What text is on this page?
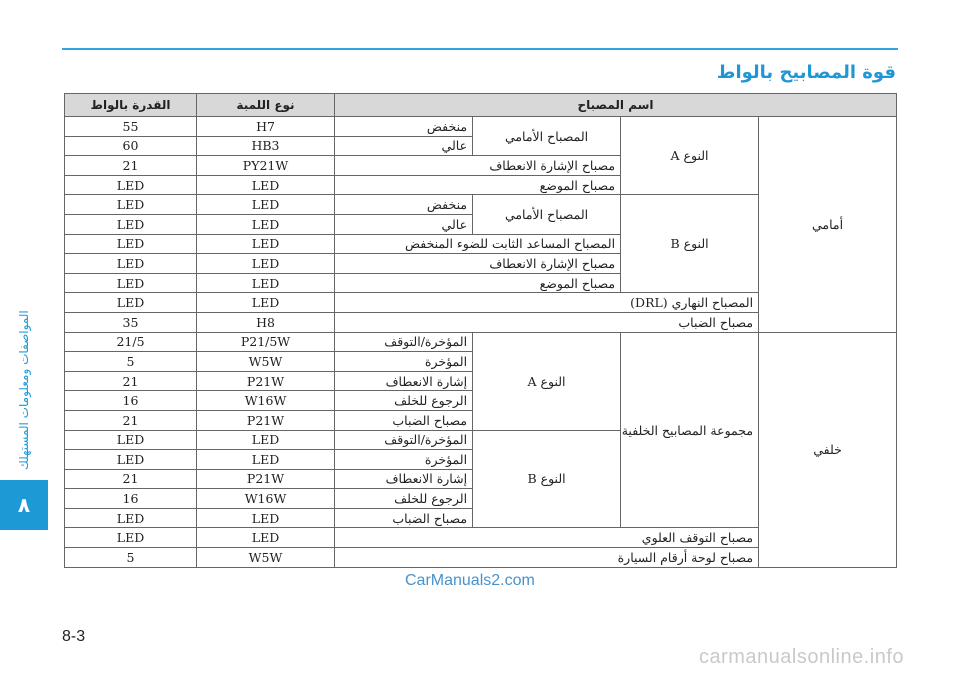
قوة المصابيح بالواط
المواصفات ومعلومات المستهلك
٨
اسم المصباح				نوع اللمبة	القدرة بالواط
أمامي	النوع A	المصباح الأمامي	منخفض	H7	55
			عالي	HB3	60
		مصباح الإشارة الانعطاف		PY21W	21
		مصباح الموضع		LED	LED
	النوع B	المصباح الأمامي	منخفض	LED	LED
			عالي	LED	LED
		المصباح المساعد الثابت للضوء المنخفض		LED	LED
		مصباح الإشارة الانعطاف		LED	LED
		مصباح الموضع		LED	LED
	المصباح النهاري (DRL)			LED	LED
	مصباح الضباب			H8	35
خلفي	مجموعة المصابيح الخلفية	النوع A	المؤخرة/التوقف	P21/5W	21/5
			المؤخرة	W5W	5
			إشارة الانعطاف	P21W	21
			الرجوع للخلف	W16W	16
			مصباح الضباب	P21W	21
		النوع B	المؤخرة/التوقف	LED	LED
			المؤخرة	LED	LED
			إشارة الانعطاف	P21W	21
			الرجوع للخلف	W16W	16
			مصباح الضباب	LED	LED
	مصباح التوقف العلوي			LED	LED
	مصباح لوحة أرقام السيارة			W5W	5
CarManuals2.com
8-3
carmanualsonline.info
